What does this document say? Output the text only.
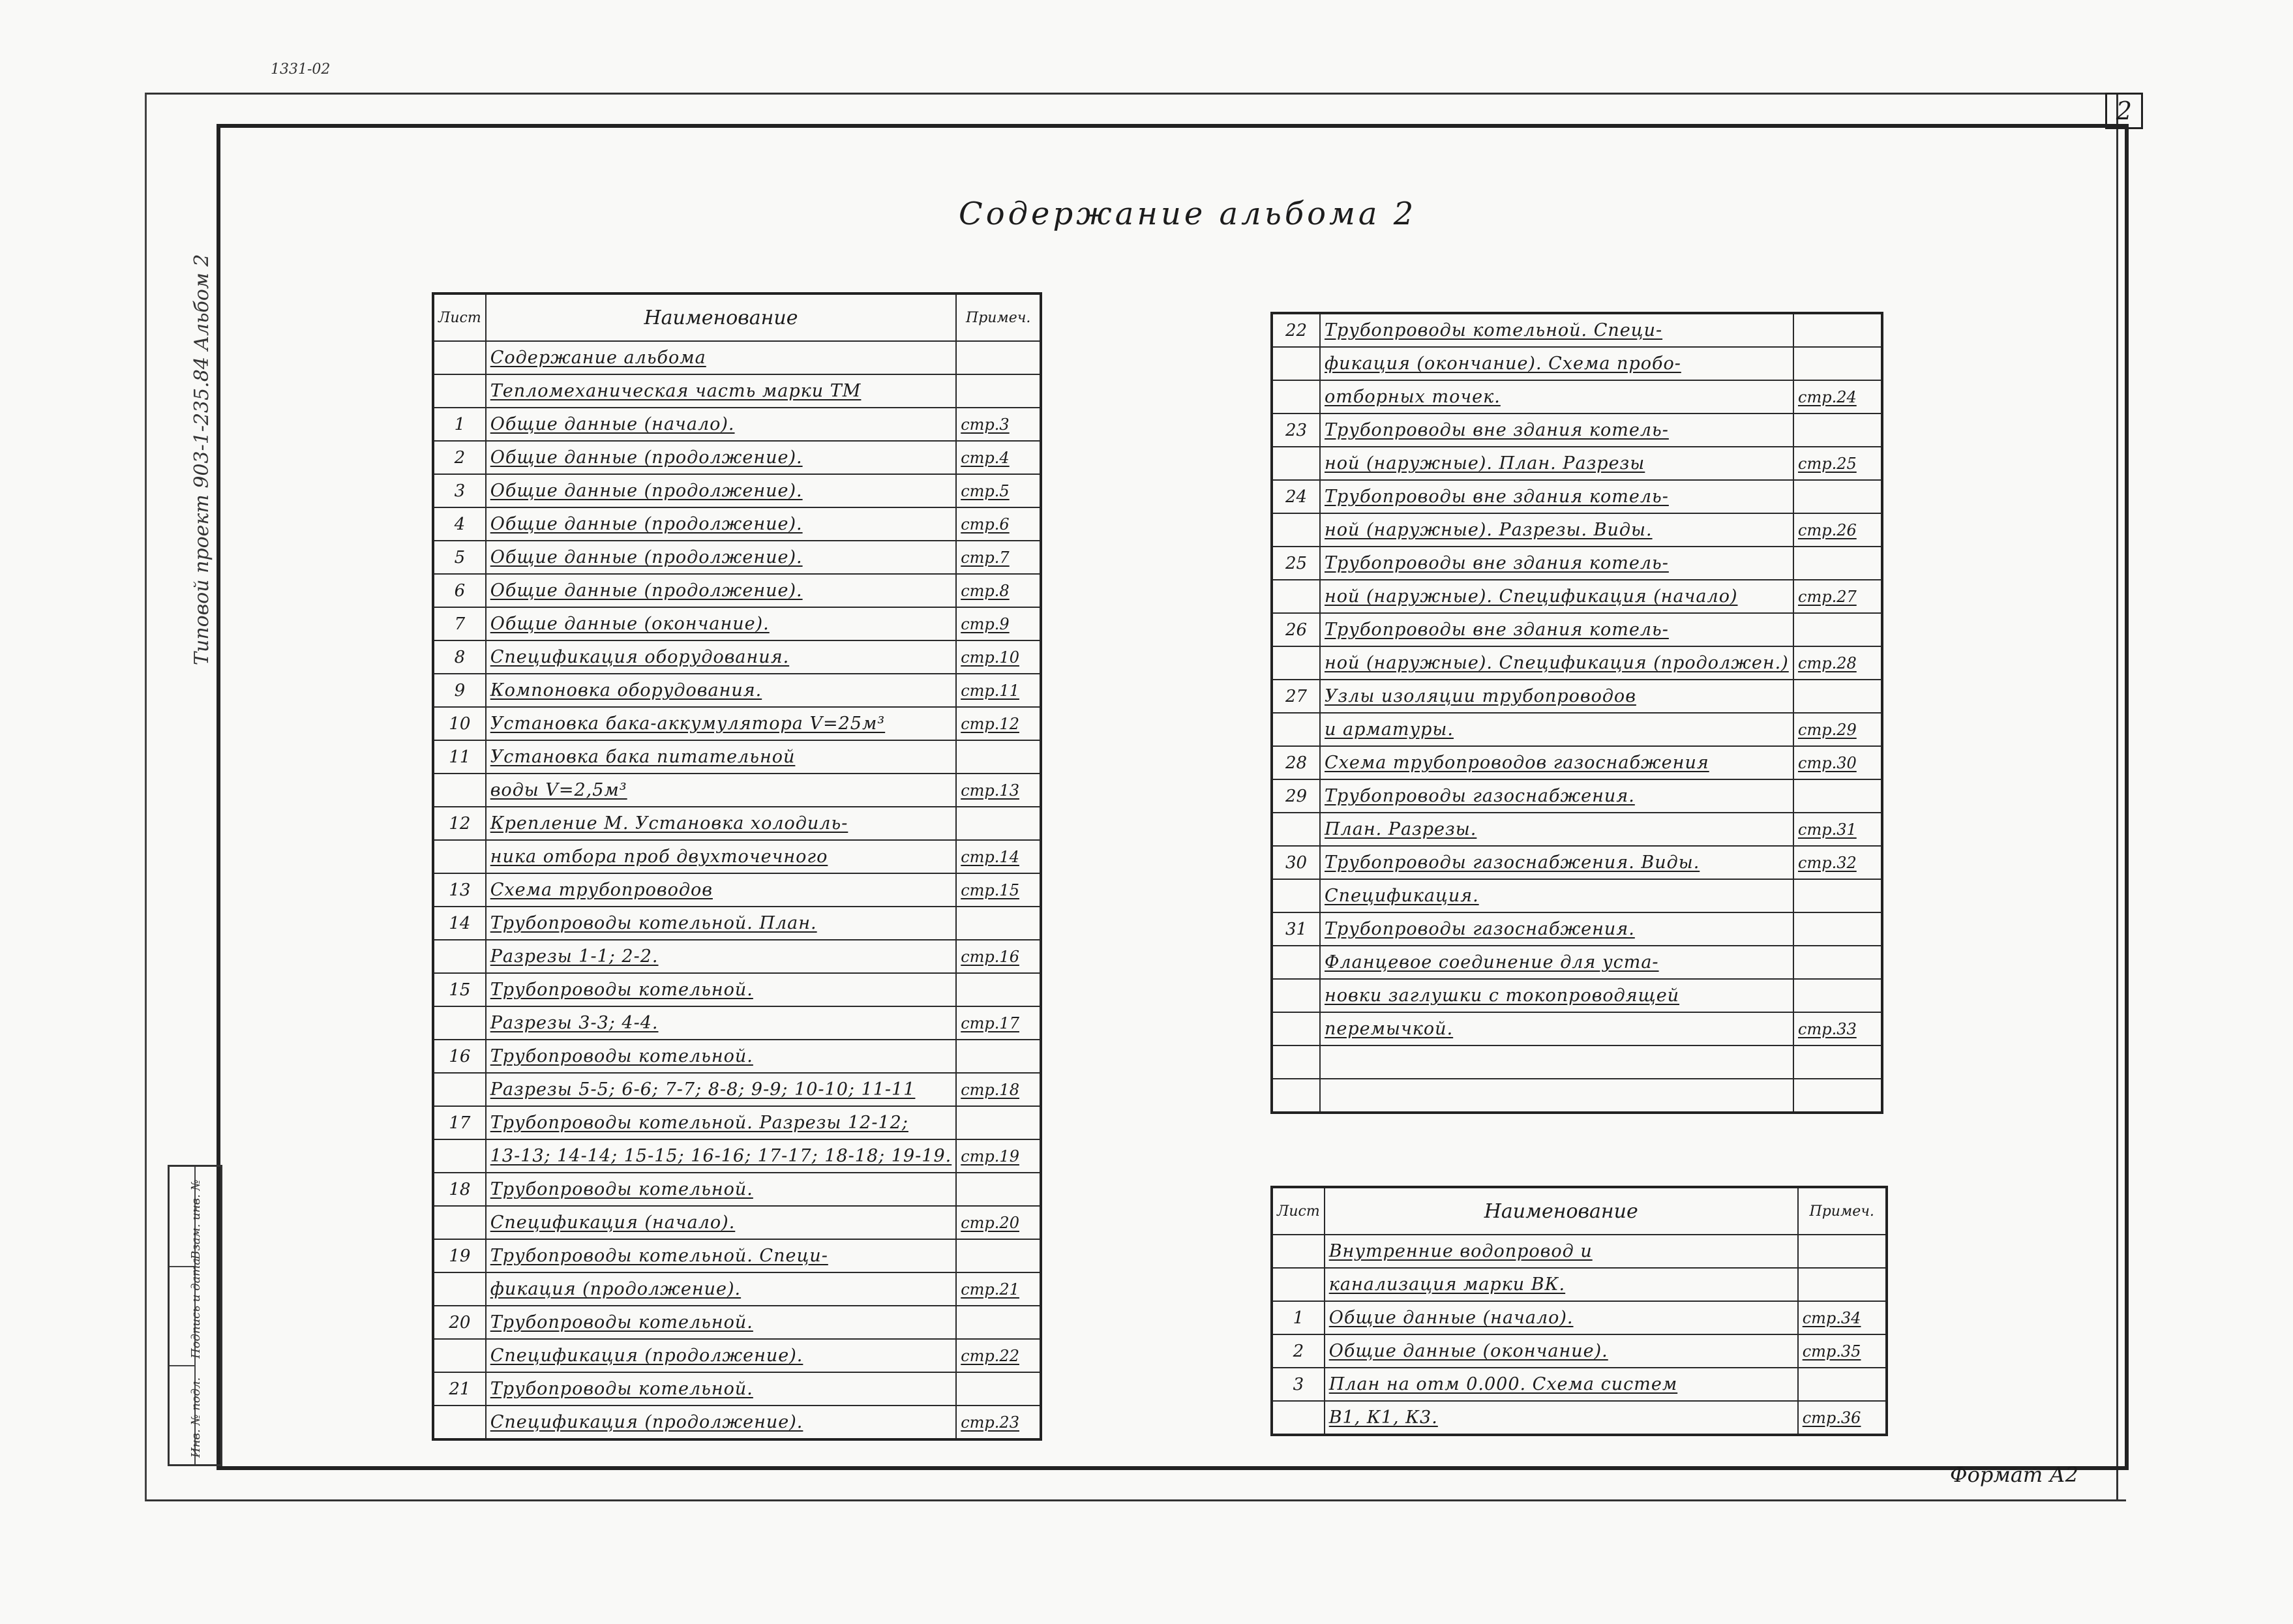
2
1331-02
Типовой проект 903-1-235.84 Альбом 2
Инв. № подл.
Подпись и дата
Взам. инв. №
Содержание альбома 2
Лист	Наименование	Примеч.
	Содержание альбома	
	Тепломеханическая часть марки ТМ	
1	Общие данные (начало).	стр.3
2	Общие данные (продолжение).	стр.4
3	Общие данные (продолжение).	стр.5
4	Общие данные (продолжение).	стр.6
5	Общие данные (продолжение).	стр.7
6	Общие данные (продолжение).	стр.8
7	Общие данные (окончание).	стр.9
8	Спецификация оборудования.	стр.10
9	Компоновка оборудования.	стр.11
10	Установка бака-аккумулятора V=25м³	стр.12
11	Установка бака питательной	
	воды V=2,5м³	стр.13
12	Крепление М. Установка холодиль-	
	ника отбора проб двухточечного	стр.14
13	Схема трубопроводов	стр.15
14	Трубопроводы котельной. План.	
	Разрезы 1-1; 2-2.	стр.16
15	Трубопроводы котельной.	
	Разрезы 3-3; 4-4.	стр.17
16	Трубопроводы котельной.	
	Разрезы 5-5; 6-6; 7-7; 8-8; 9-9; 10-10; 11-11	стр.18
17	Трубопроводы котельной. Разрезы 12-12;	
	13-13; 14-14; 15-15; 16-16; 17-17; 18-18; 19-19.	стр.19
18	Трубопроводы котельной.	
	Спецификация (начало).	стр.20
19	Трубопроводы котельной. Специ-	
	фикация (продолжение).	стр.21
20	Трубопроводы котельной.	
	Спецификация (продолжение).	стр.22
21	Трубопроводы котельной.	
	Спецификация (продолжение).	стр.23
22	Трубопроводы котельной. Специ-	
	фикация (окончание). Схема пробо-	
	отборных точек.	стр.24
23	Трубопроводы вне здания котель-	
	ной (наружные). План. Разрезы	стр.25
24	Трубопроводы вне здания котель-	
	ной (наружные). Разрезы. Виды.	стр.26
25	Трубопроводы вне здания котель-	
	ной (наружные). Спецификация (начало)	стр.27
26	Трубопроводы вне здания котель-	
	ной (наружные). Спецификация (продолжен.)	стр.28
27	Узлы изоляции трубопроводов	
	и арматуры.	стр.29
28	Схема трубопроводов газоснабжения	стр.30
29	Трубопроводы газоснабжения.	
	План. Разрезы.	стр.31
30	Трубопроводы газоснабжения. Виды.	стр.32
	Спецификация.	
31	Трубопроводы газоснабжения.	
	Фланцевое соединение для уста-	
	новки заглушки с токопроводящей	
	перемычкой.	стр.33

Лист	Наименование	Примеч.
	Внутренние водопровод и	
	канализация марки ВК.	
1	Общие данные (начало).	стр.34
2	Общие данные (окончание).	стр.35
3	План на отм 0.000. Схема систем	
	В1, К1, К3.	стр.36
Формат А2
